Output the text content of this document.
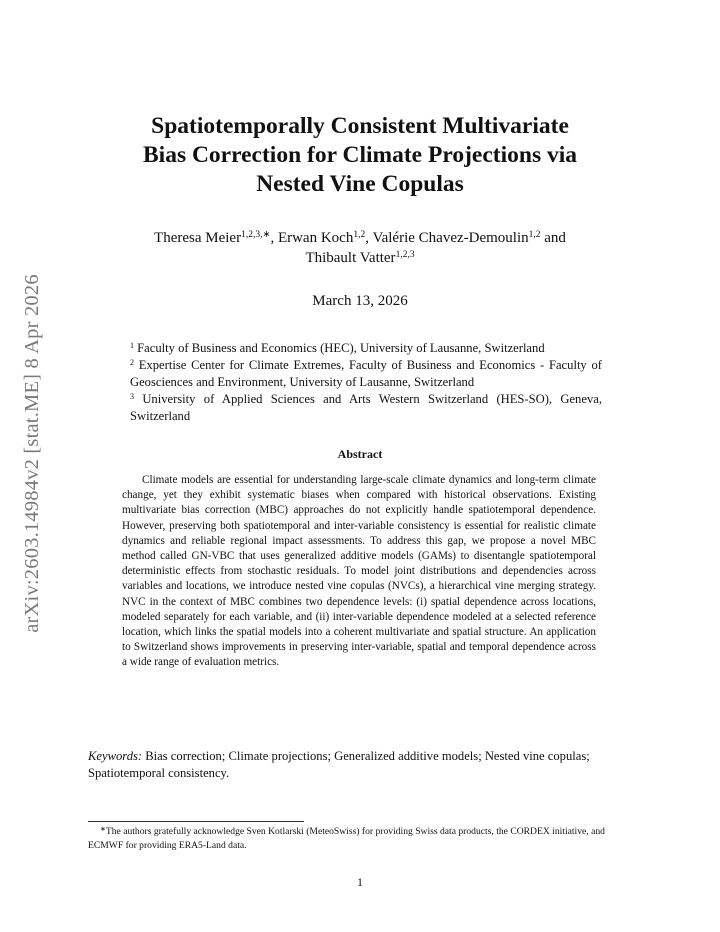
arXiv:2603.14984v2 [stat.ME] 8 Apr 2026
Spatiotemporally Consistent Multivariate
Bias Correction for Climate Projections via
Nested Vine Copulas
Theresa Meier$^{1,2,3,∗}$, Erwan Koch$^{1,2}$, Valérie Chavez-Demoulin$^{1,2}$ and
Thibault Vatter$^{1,2,3}$
March 13, 2026
$^1$ Faculty of Business and Economics (HEC), University of Lausanne, Switzerland
$^2$ Expertise Center for Climate Extremes, Faculty of Business and Economics - Faculty of Geosciences and Environment, University of Lausanne, Switzerland
$^3$ University of Applied Sciences and Arts Western Switzerland (HES-SO), Geneva, Switzerland
Abstract

Climate models are essential for understanding large-scale climate dynamics and long-term climate change, yet they exhibit systematic biases when compared with historical observations. Existing multivariate bias correction (MBC) approaches do not explicitly handle spatiotemporal dependence. However, preserving both spatiotemporal and inter-variable consistency is essential for realistic climate dynamics and reliable regional impact assessments. To address this gap, we propose a novel MBC method called GN-VBC that uses generalized additive models (GAMs) to disentangle spatiotemporal deterministic effects from stochastic residuals. To model joint distributions and dependencies across variables and locations, we introduce nested vine copulas (NVCs), a hierarchical vine merging strategy. NVC in the context of MBC combines two dependence levels: (i) spatial dependence across locations, modeled separately for each variable, and (ii) inter-variable dependence modeled at a selected reference location, which links the spatial models into a coherent multivariate and spatial structure. An application to Switzerland shows improvements in preserving inter-variable, spatial and temporal dependence across a wide range of evaluation metrics.

Keywords: Bias correction; Climate projections; Generalized additive models; Nested vine copulas; Spatiotemporal consistency.

∗The authors gratefully acknowledge Sven Kotlarski (MeteoSwiss) for providing Swiss data products, the CORDEX initiative, and ECMWF for providing ERA5-Land data.

1
